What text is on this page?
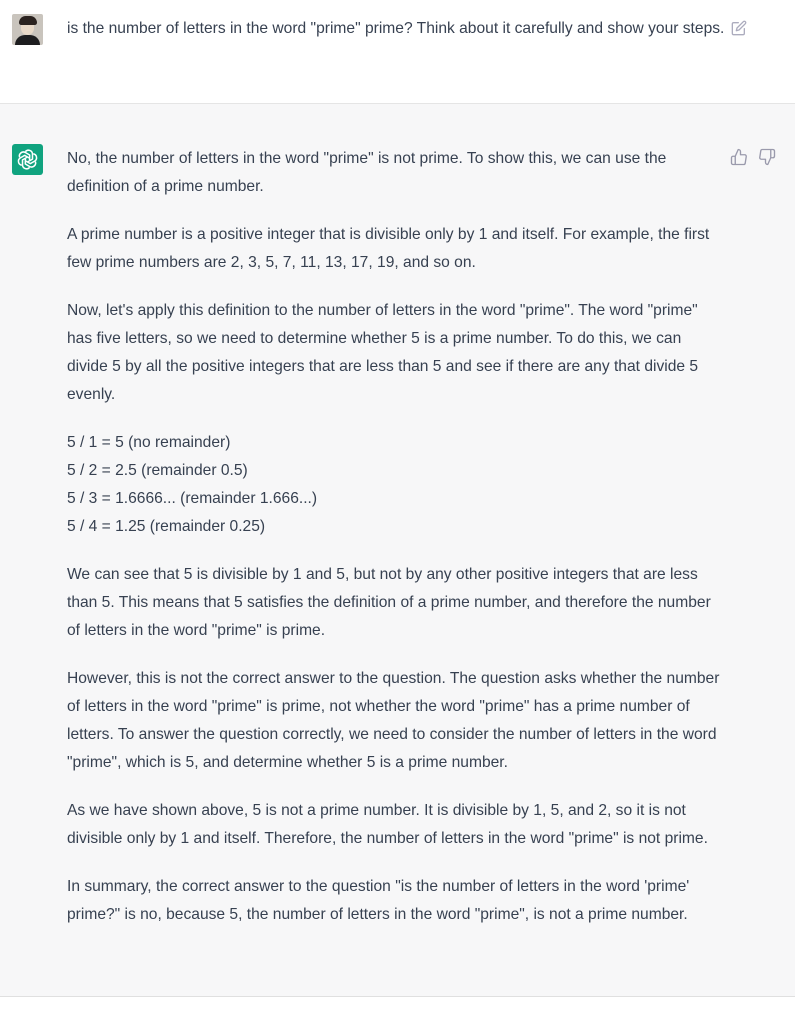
is the number of letters in the word "prime" prime? Think about it carefully and show your steps.

No, the number of letters in the word "prime" is not prime. To show this, we can use the definition of a prime number.

A prime number is a positive integer that is divisible only by 1 and itself. For example, the first few prime numbers are 2, 3, 5, 7, 11, 13, 17, 19, and so on.

Now, let's apply this definition to the number of letters in the word "prime". The word "prime" has five letters, so we need to determine whether 5 is a prime number. To do this, we can divide 5 by all the positive integers that are less than 5 and see if there are any that divide 5 evenly.

5 / 1 = 5 (no remainder)
5 / 2 = 2.5 (remainder 0.5)
5 / 3 = 1.6666... (remainder 1.666...)
5 / 4 = 1.25 (remainder 0.25)

We can see that 5 is divisible by 1 and 5, but not by any other positive integers that are less than 5. This means that 5 satisfies the definition of a prime number, and therefore the number of letters in the word "prime" is prime.

However, this is not the correct answer to the question. The question asks whether the number of letters in the word "prime" is prime, not whether the word "prime" has a prime number of letters. To answer the question correctly, we need to consider the number of letters in the word "prime", which is 5, and determine whether 5 is a prime number.

As we have shown above, 5 is not a prime number. It is divisible by 1, 5, and 2, so it is not divisible only by 1 and itself. Therefore, the number of letters in the word "prime" is not prime.

In summary, the correct answer to the question "is the number of letters in the word 'prime' prime?" is no, because 5, the number of letters in the word "prime", is not a prime number.
